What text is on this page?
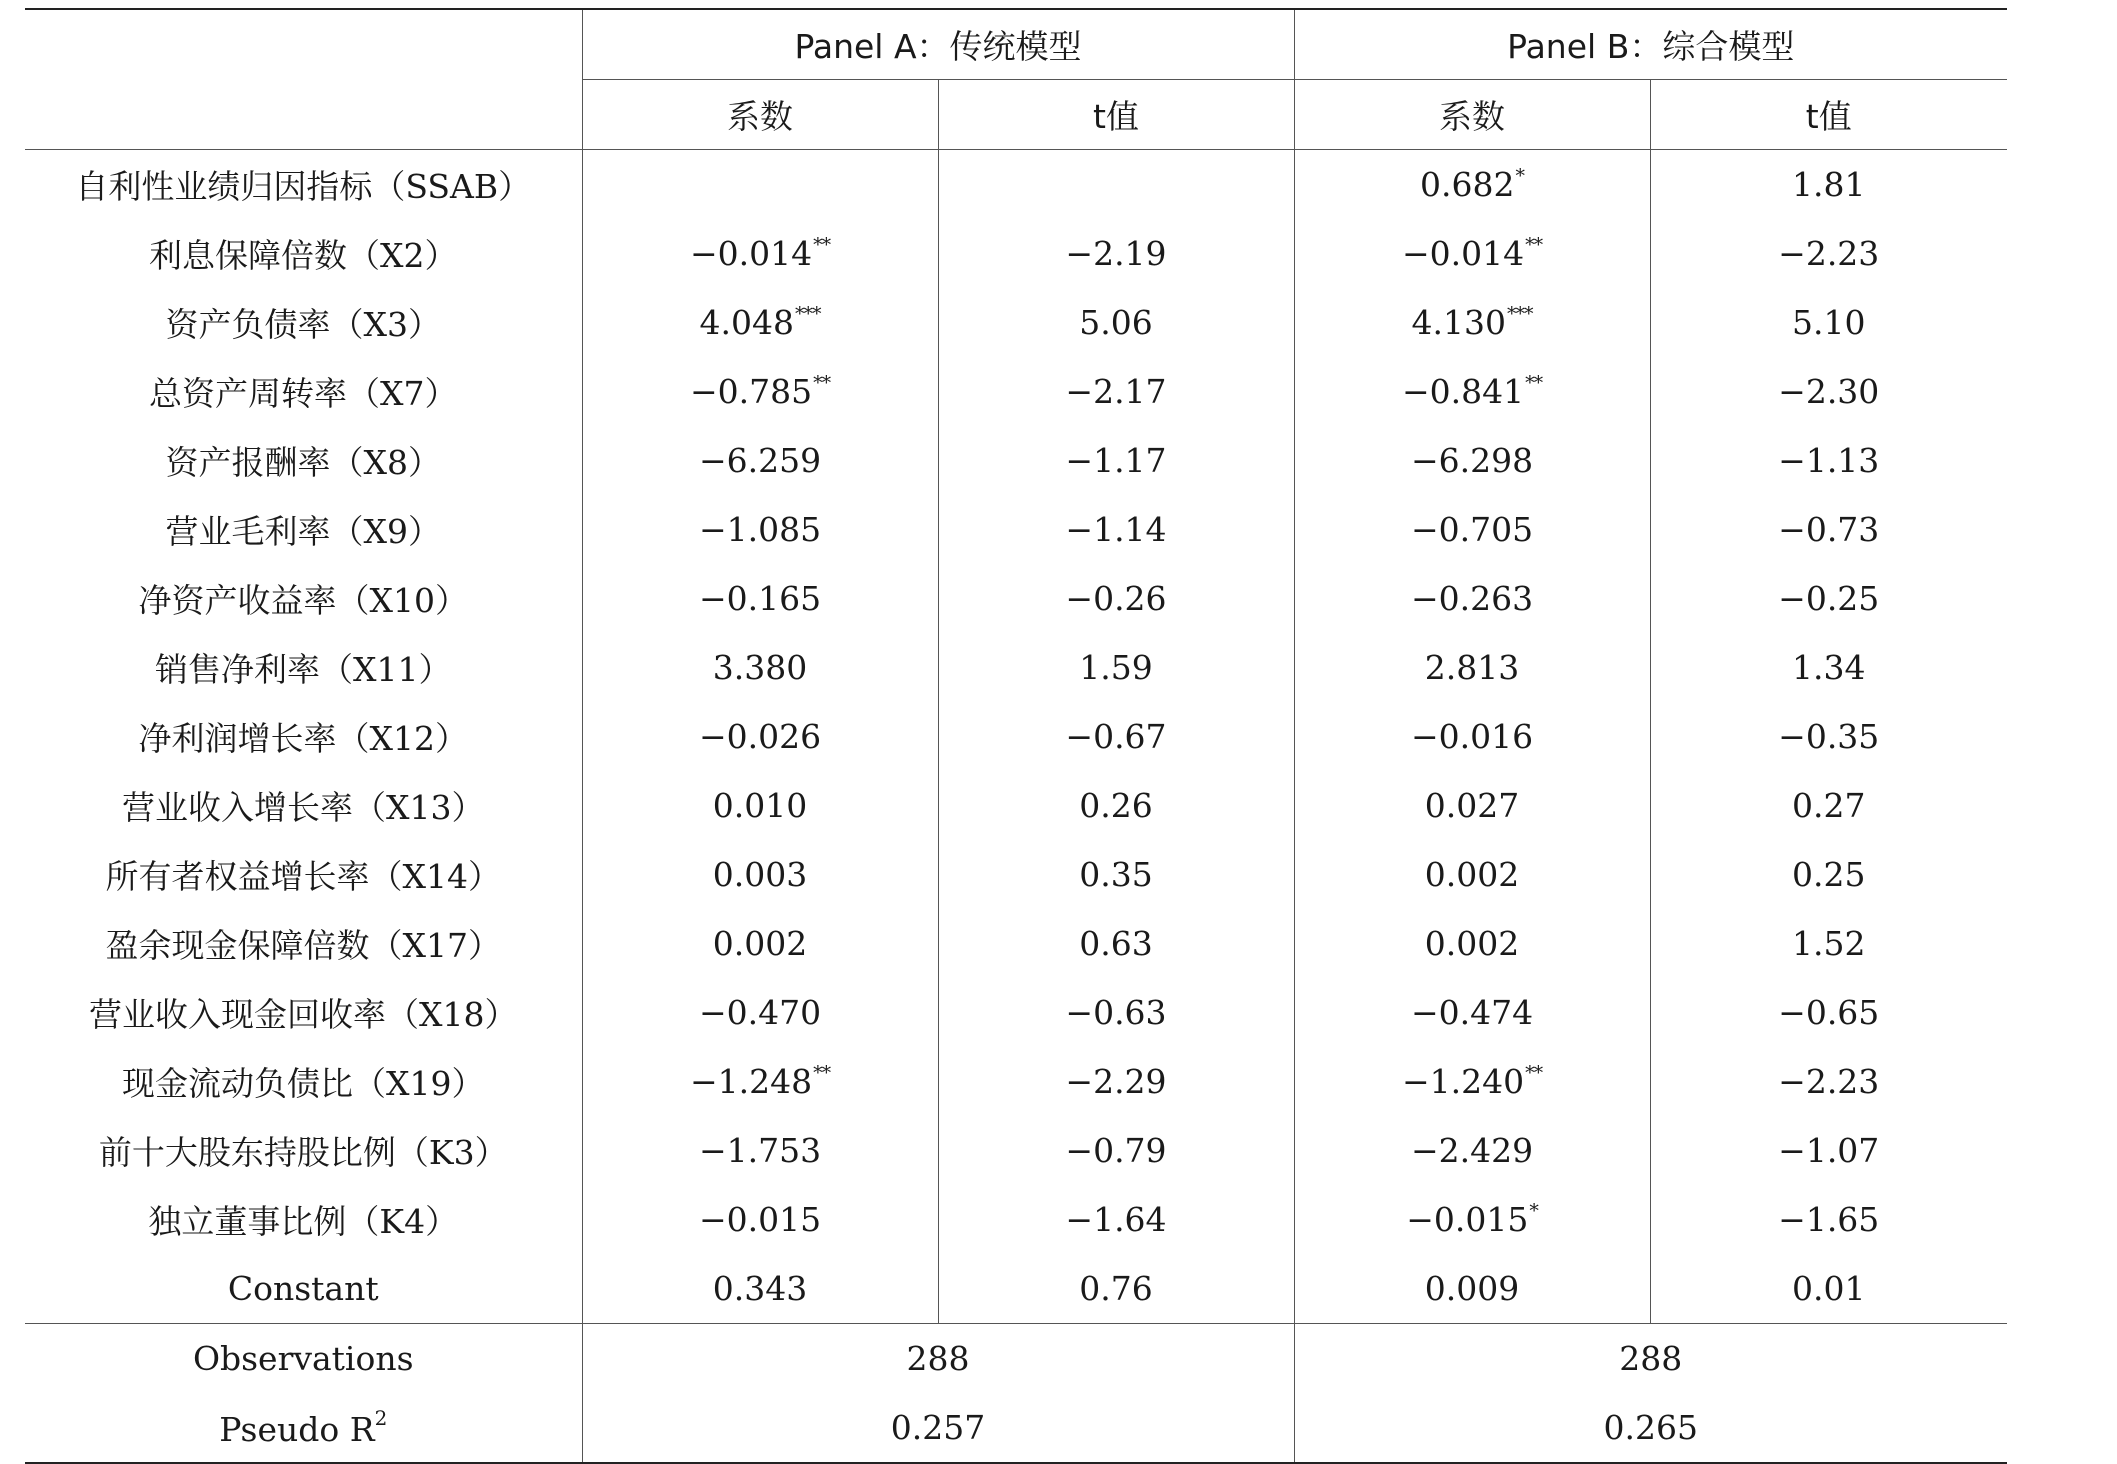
	Panel A：传统模型		Panel B：综合模型	
	系数	t值	系数	t值
自利性业绩归因指标（SSAB）			0.682*	1.81
利息保障倍数（X2）	−0.014**	−2.19	−0.014**	−2.23
资产负债率（X3）	4.048***	5.06	4.130***	5.10
总资产周转率（X7）	−0.785**	−2.17	−0.841**	−2.30
资产报酬率（X8）	−6.259	−1.17	−6.298	−1.13
营业毛利率（X9）	−1.085	−1.14	−0.705	−0.73
净资产收益率（X10）	−0.165	−0.26	−0.263	−0.25
销售净利率（X11）	3.380	1.59	2.813	1.34
净利润增长率（X12）	−0.026	−0.67	−0.016	−0.35
营业收入增长率（X13）	0.010	0.26	0.027	0.27
所有者权益增长率（X14）	0.003	0.35	0.002	0.25
盈余现金保障倍数（X17）	0.002	0.63	0.002	1.52
营业收入现金回收率（X18）	−0.470	−0.63	−0.474	−0.65
现金流动负债比（X19）	−1.248**	−2.29	−1.240**	−2.23
前十大股东持股比例（K3）	−1.753	−0.79	−2.429	−1.07
独立董事比例（K4）	−0.015	−1.64	−0.015*	−1.65
Constant	0.343	0.76	0.009	0.01
Observations	288		288	
Pseudo $R^2$	0.257		0.265	
